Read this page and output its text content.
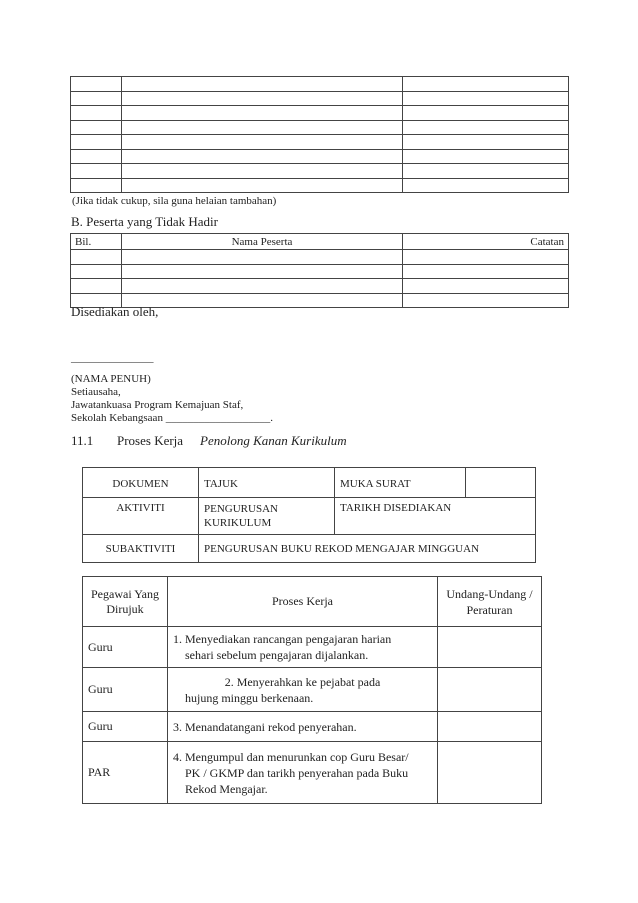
(Jika tidak cukup, sila guna helaian tambahan)
B. Peserta yang Tidak Hadir
Bil.	Nama Peserta	Catatan

Disediakan oleh,
_______________
(NAMA PENUH)
Setiausaha,
Jawatankuasa Program Kemajuan Staf,
Sekolah Kebangsaan ___________________.
11.1 Proses Kerja Penolong Kanan Kurikulum
DOKUMEN	TAJUK	MUKA SURAT	
AKTIVITI	PENGURUSAN KURIKULUM	TARIKH DISEDIAKAN	
SUBAKTIVITI	PENGURUSAN BUKU REKOD MENGAJAR MINGGUAN		
Pegawai Yang Dirujuk	Proses Kerja	Undang-Undang / Peraturan
Guru	1. Menyediakan rancangan pengajaran harian
sehari sebelum pengajaran dijalankan.	

Guru	2. Menyerahkan ke pejabat pada
hujung minggu berkenaan.	

Guru	3. Menandatangani rekod penyerahan.	

PAR	4. Mengumpul dan menurunkan cop Guru Besar/
PK / GKMP dan tarikh penyerahan pada Buku
Rekod Mengajar.	
